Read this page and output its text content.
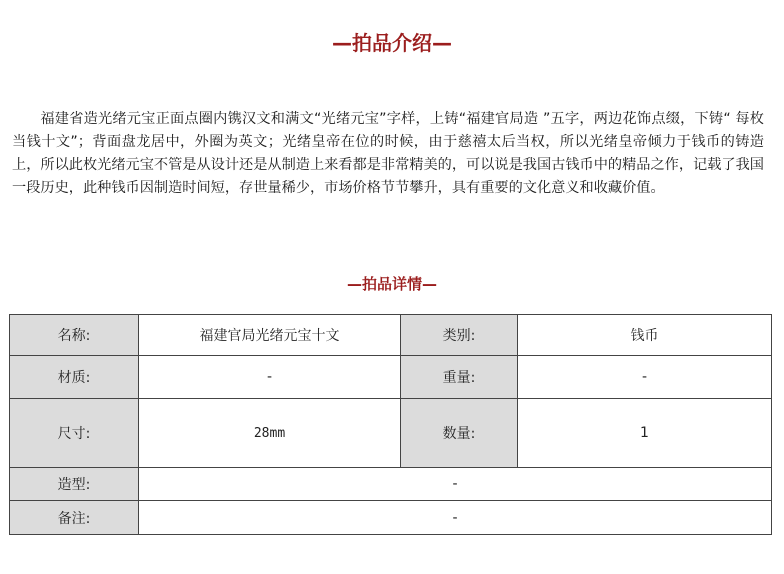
—拍品介绍—

福建省造光绪元宝正面点圈内镌汉文和满文“光绪元宝”字样，上铸“福建官局造 ”五字，两边花饰点缀，下铸“ 每枚当钱十文”；背面盘龙居中，外圈为英文；光绪皇帝在位的时候，由于慈禧太后当权，所以光绪皇帝倾力于钱币的铸造上，所以此枚光绪元宝不管是从设计还是从制造上来看都是非常精美的，可以说是我国古钱币中的精品之作，记载了我国一段历史，此种钱币因制造时间短，存世量稀少，市场价格节节攀升，具有重要的文化意义和收藏价值。

—拍品详情—
名称:	福建官局光绪元宝十文	类别:	钱币
材质:	-	重量:	-
尺寸:	28mm	数量:	1
造型:	-		
备注:	-		
